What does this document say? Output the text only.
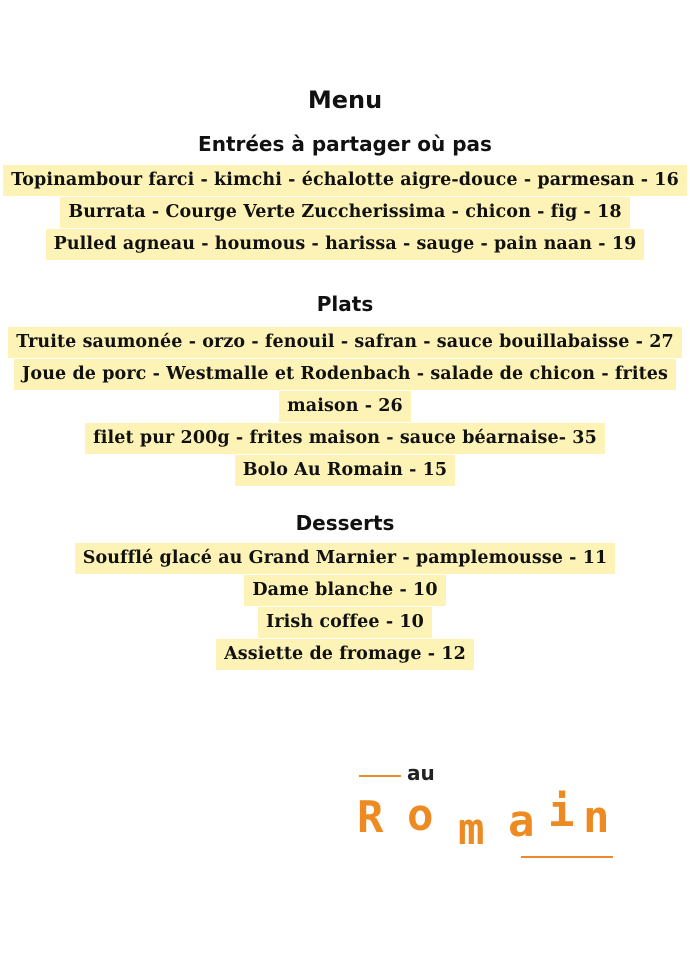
Menu
Entrées à partager où pas
Topinambour farci - kimchi - échalotte aigre-douce - parmesan - 16
Burrata - Courge Verte Zuccherissima - chicon - fig - 18
Pulled agneau - houmous - harissa - sauge - pain naan - 19
Plats
Truite saumonée - orzo - fenouil - safran - sauce bouillabaisse - 27
Joue de porc - Westmalle et Rodenbach - salade de chicon - frites
maison - 26
filet pur 200g - frites maison - sauce béarnaise- 35
Bolo Au Romain - 15
Desserts
Soufflé glacé au Grand Marnier - pamplemousse - 11
Dame blanche - 10
Irish coffee - 10
Assiette de fromage - 12
au
R o m a i n
